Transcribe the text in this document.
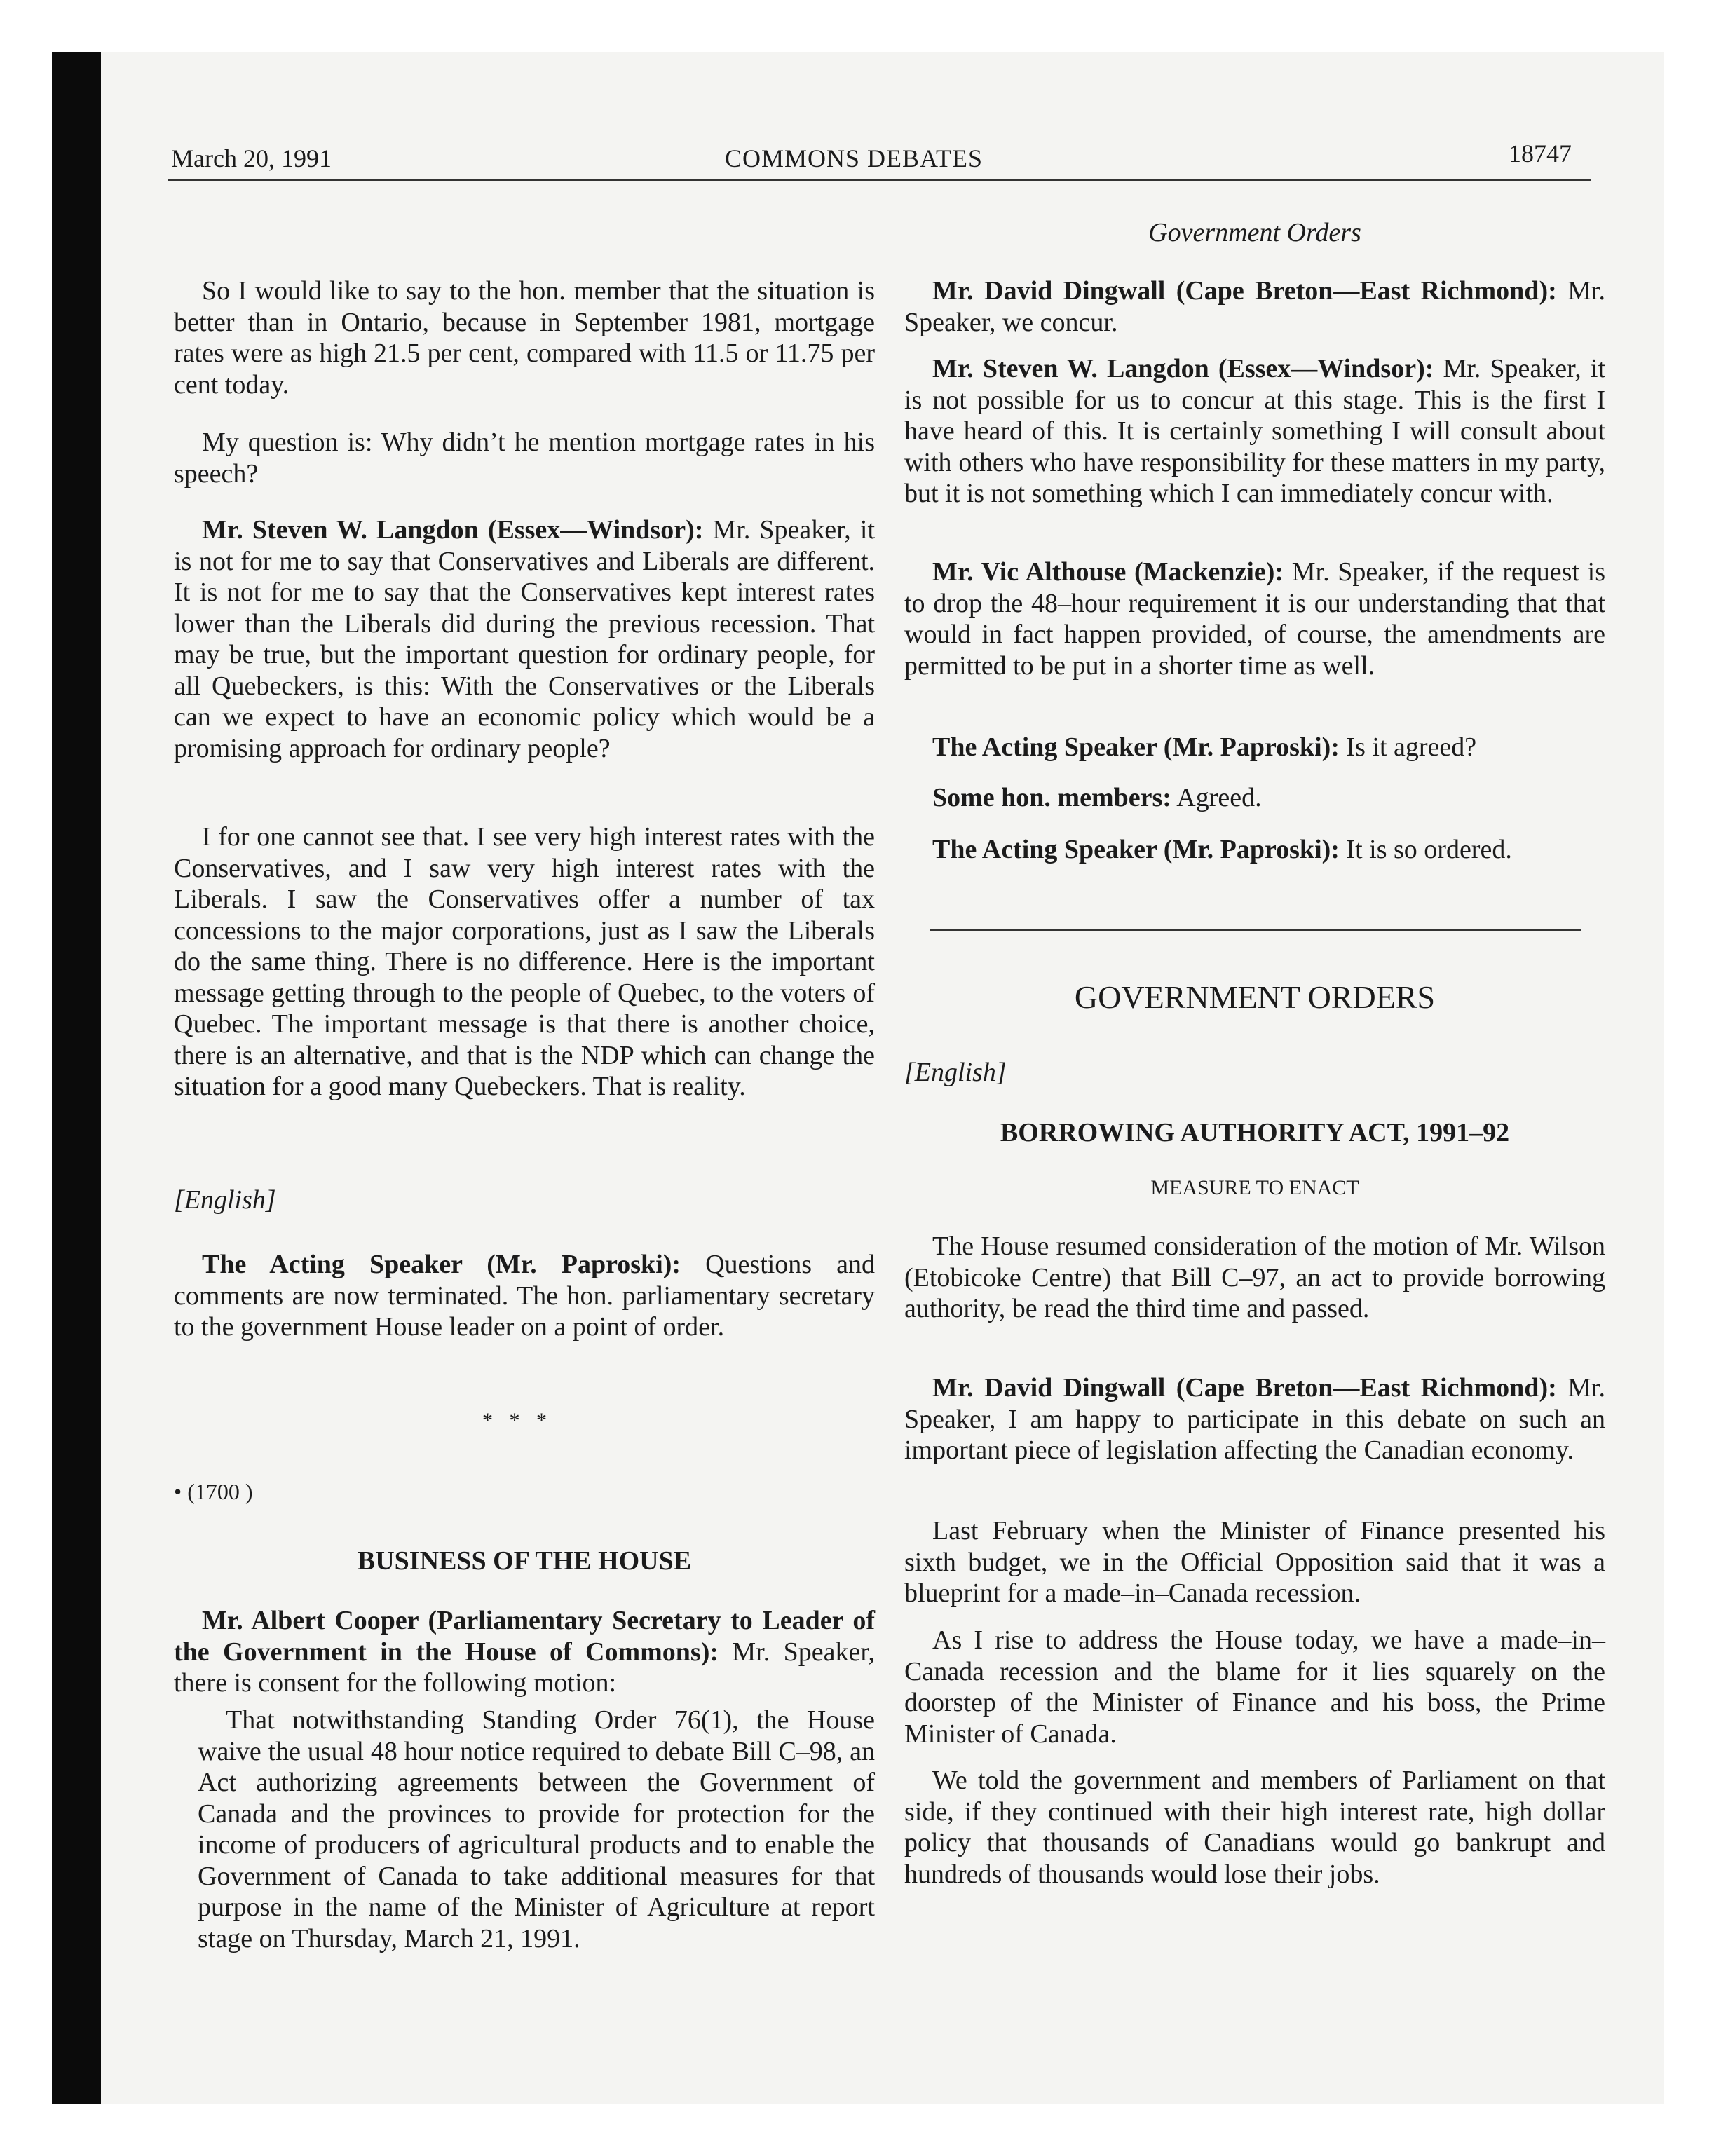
March 20, 1991	COMMONS DEBATES	18747

So I would like to say to the hon. member that the situation is better than in Ontario, because in September 1981, mortgage rates were as high 21.5 per cent, compared with 11.5 or 11.75 per cent today.

My question is: Why didn’t he mention mortgage rates in his speech?

Mr. Steven W. Langdon (Essex—Windsor): Mr. Speaker, it is not for me to say that Conservatives and Liberals are different. It is not for me to say that the Conservatives kept interest rates lower than the Liberals did during the previous recession. That may be true, but the important question for ordinary people, for all Quebeckers, is this: With the Conservatives or the Liberals can we expect to have an economic policy which would be a promising approach for ordinary people?

I for one cannot see that. I see very high interest rates with the Conservatives, and I saw very high interest rates with the Liberals. I saw the Conservatives offer a number of tax concessions to the major corporations, just as I saw the Liberals do the same thing. There is no difference. Here is the important message getting through to the people of Quebec, to the voters of Quebec. The important message is that there is another choice, there is an alternative, and that is the NDP which can change the situation for a good many Quebeckers. That is reality.

[English]

The Acting Speaker (Mr. Paproski): Questions and comments are now terminated. The hon. parliamentary secretary to the government House leader on a point of order.

* * *
• (1700 )
BUSINESS OF THE HOUSE

Mr. Albert Cooper (Parliamentary Secretary to Leader of the Government in the House of Commons): Mr. Speaker, there is consent for the following motion:

That notwithstanding Standing Order 76(1), the House waive the usual 48 hour notice required to debate Bill C–98, an Act authorizing agreements between the Government of Canada and the provinces to provide for protection for the income of producers of agricultural products and to enable the Government of Canada to take additional measures for that purpose in the name of the Minister of Agriculture at report stage on Thursday, March 21, 1991.

Government Orders

Mr. David Dingwall (Cape Breton—East Richmond): Mr. Speaker, we concur.

Mr. Steven W. Langdon (Essex—Windsor): Mr. Speaker, it is not possible for us to concur at this stage. This is the first I have heard of this. It is certainly something I will consult about with others who have responsibility for these matters in my party, but it is not something which I can immediately concur with.

Mr. Vic Althouse (Mackenzie): Mr. Speaker, if the request is to drop the 48–hour requirement it is our understanding that that would in fact happen provided, of course, the amendments are permitted to be put in a shorter time as well.

The Acting Speaker (Mr. Paproski): Is it agreed?

Some hon. members: Agreed.

The Acting Speaker (Mr. Paproski): It is so ordered.

GOVERNMENT ORDERS
[English]
BORROWING AUTHORITY ACT, 1991–92
MEASURE TO ENACT

The House resumed consideration of the motion of Mr. Wilson (Etobicoke Centre) that Bill C–97, an act to provide borrowing authority, be read the third time and passed.

Mr. David Dingwall (Cape Breton—East Richmond): Mr. Speaker, I am happy to participate in this debate on such an important piece of legislation affecting the Canadian economy.

Last February when the Minister of Finance presented his sixth budget, we in the Official Opposition said that it was a blueprint for a made–in–Canada recession.

As I rise to address the House today, we have a made–in–Canada recession and the blame for it lies squarely on the doorstep of the Minister of Finance and his boss, the Prime Minister of Canada.

We told the government and members of Parliament on that side, if they continued with their high interest rate, high dollar policy that thousands of Canadians would go bankrupt and hundreds of thousands would lose their jobs.
